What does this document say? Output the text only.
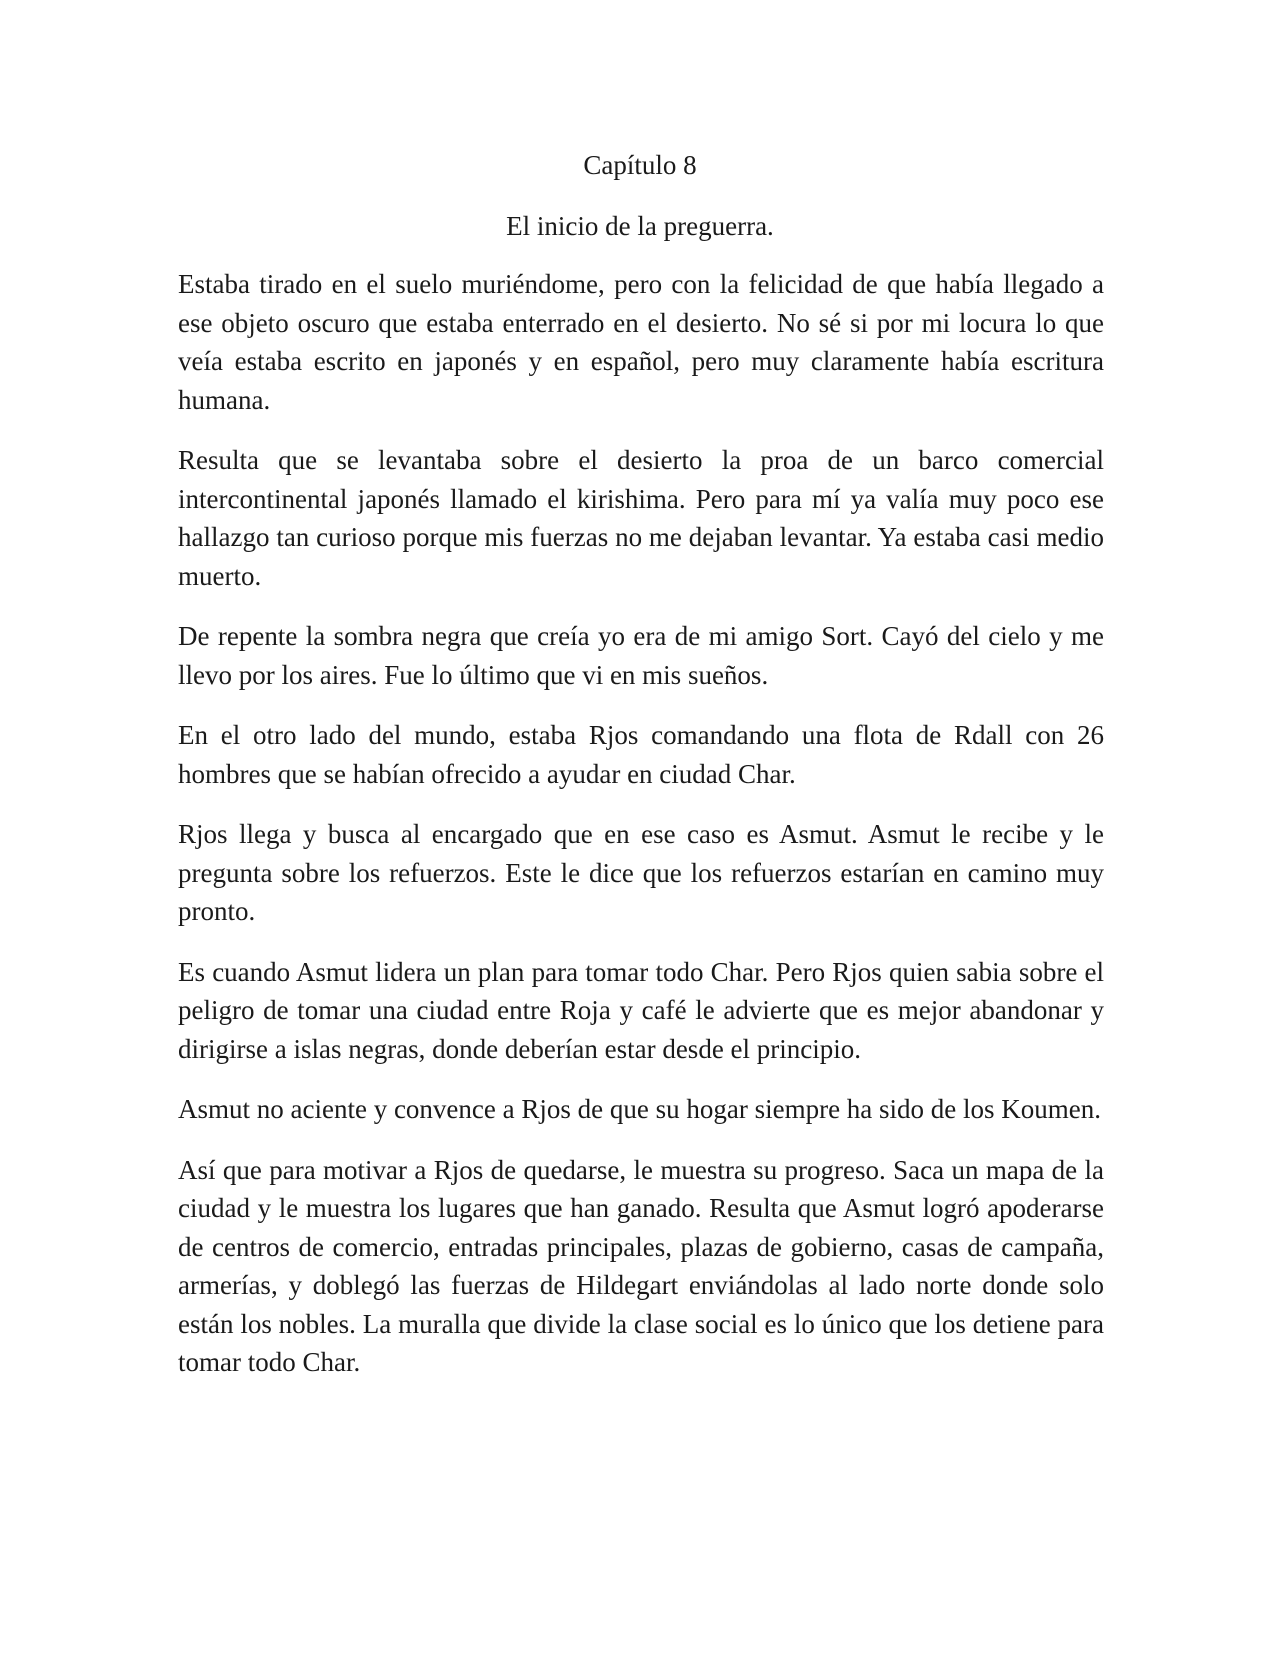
Capítulo 8
El inicio de la preguerra.

Estaba tirado en el suelo muriéndome, pero con la felicidad de que había llegado a ese objeto oscuro que estaba enterrado en el desierto. No sé si por mi locura lo que veía estaba escrito en japonés y en español, pero muy claramente había escritura humana.

Resulta que se levantaba sobre el desierto la proa de un barco comercial intercontinental japonés llamado el kirishima. Pero para mí ya valía muy poco ese hallazgo tan curioso porque mis fuerzas no me dejaban levantar. Ya estaba casi medio muerto.

De repente la sombra negra que creía yo era de mi amigo Sort. Cayó del cielo y me llevo por los aires. Fue lo último que vi en mis sueños.

En el otro lado del mundo, estaba Rjos comandando una flota de Rdall con 26 hombres que se habían ofrecido a ayudar en ciudad Char.

Rjos llega y busca al encargado que en ese caso es Asmut. Asmut le recibe y le pregunta sobre los refuerzos. Este le dice que los refuerzos estarían en camino muy pronto.

Es cuando Asmut lidera un plan para tomar todo Char. Pero Rjos quien sabia sobre el peligro de tomar una ciudad entre Roja y café le advierte que es mejor abandonar y dirigirse a islas negras, donde deberían estar desde el principio.

Asmut no aciente y convence a Rjos de que su hogar siempre ha sido de los Koumen.

Así que para motivar a Rjos de quedarse, le muestra su progreso. Saca un mapa de la ciudad y le muestra los lugares que han ganado. Resulta que Asmut logró apoderarse de centros de comercio, entradas principales, plazas de gobierno, casas de campaña, armerías, y doblegó las fuerzas de Hildegart enviándolas al lado norte donde solo están los nobles. La muralla que divide la clase social es lo único que los detiene para tomar todo Char.
